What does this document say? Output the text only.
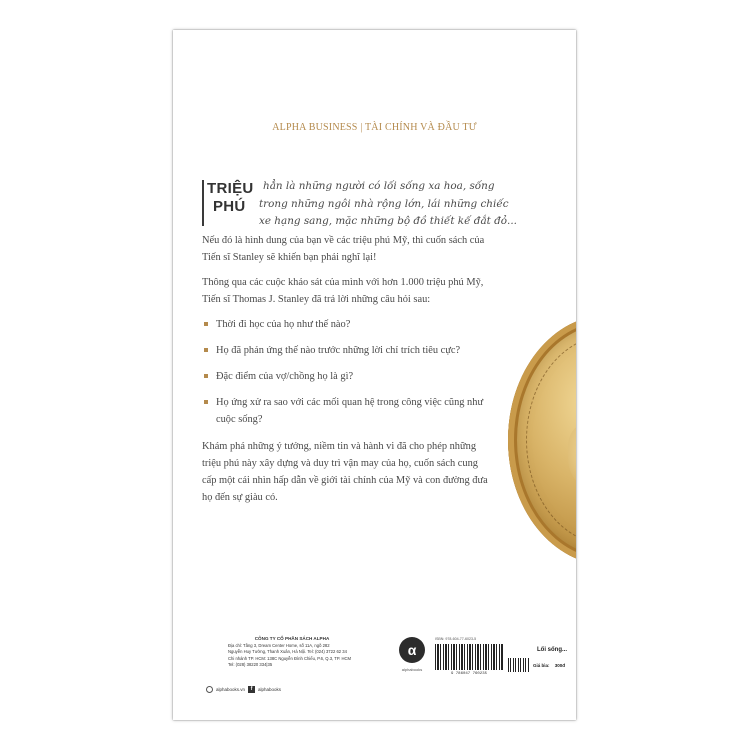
ALPHA BUSINESS | TÀI CHÍNH VÀ ĐẦU TƯ
TRIỆU
PHÚ
hẳn là những người có lối sống xa hoa, sống
trong những ngôi nhà rộng lớn, lái những chiếc
xe hạng sang, mặc những bộ đồ thiết kế đắt đỏ...

Nếu đó là hình dung của bạn về các triệu phú Mỹ, thì cuốn sách của Tiến sĩ Stanley sẽ khiến bạn phải nghĩ lại!

Thông qua các cuộc khảo sát của mình với hơn 1.000 triệu phú Mỹ, Tiến sĩ Thomas J. Stanley đã trả lời những câu hỏi sau:

Thời đi học của họ như thế nào?
Họ đã phản ứng thế nào trước những lời chỉ trích tiêu cực?
Đặc điểm của vợ/chồng họ là gì?
Họ ứng xử ra sao với các mối quan hệ trong công việc cũng như cuộc sống?

Khám phá những ý tưởng, niềm tin và hành vi đã cho phép những triệu phú này xây dựng và duy trì vận may của họ, cuốn sách cung cấp một cái nhìn hấp dẫn về giới tài chính của Mỹ và con đường đưa họ đến sự giàu có.

CÔNG TY CỔ PHẦN SÁCH ALPHA
Địa chỉ: Tầng 3, Dream Center Home, số 11A, ngõ 282
Nguyễn Huy Tưởng, Thanh Xuân, Hà Nội. Tel: (024) 3722 62 34
Chi nhánh TP. HCM: 138C Nguyễn Đình Chiểu, P.6, Q.3, TP. HCM
Tel: (028) 38220 334|35
alphabooks.vn	f	alphabooks
α
alphabooks
ISBN: 978-604-77-6023-5
9 786047 760235
Lối sống...
Giá bìa: 300đ
